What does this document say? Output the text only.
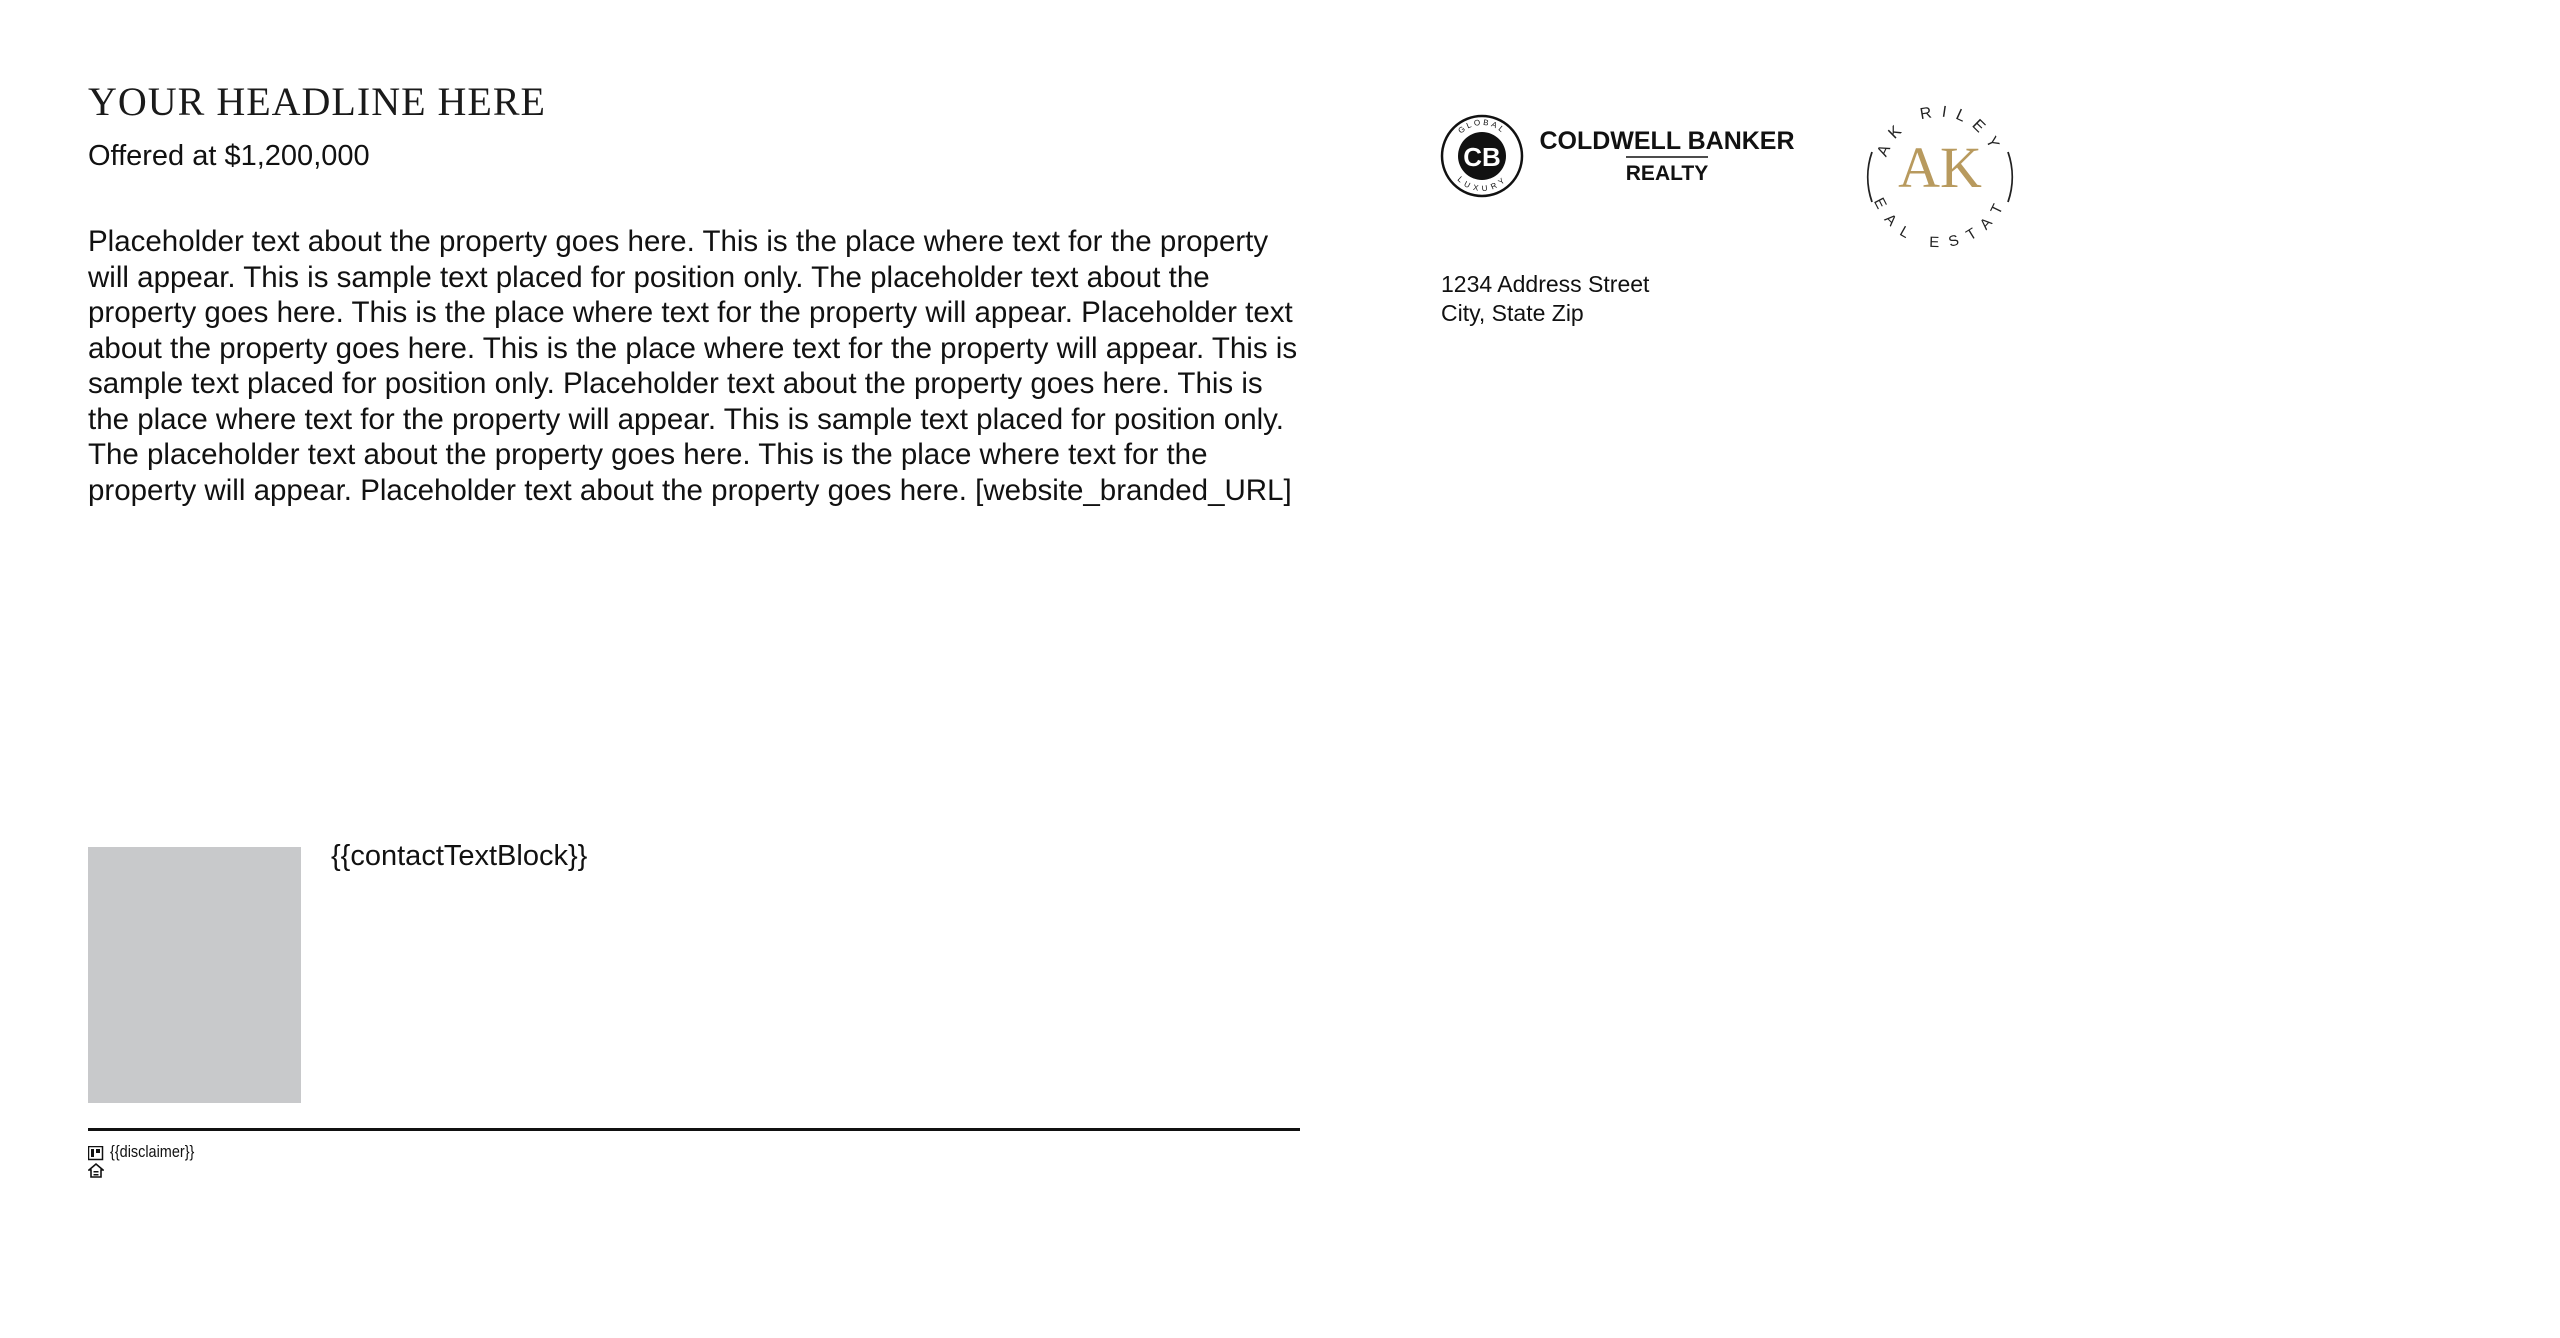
YOUR HEADLINE HERE
Offered at $1,200,000
Placeholder text about the property goes here. This is the place where text for the property will appear. This is sample text placed for position only. The placeholder text about the property goes here. This is the place where text for the property will appear. Placeholder text about the property goes here. This is the place where text for the property will appear. This is sample text placed for position only. Placeholder text about the property goes here. This is the place where text for the property will appear. This is sample text placed for position only. The placeholder text about the property goes here. This is the place where text for the property will appear. Placeholder text about the property goes here. [website_branded_URL]
{{contactTextBlock}}
{{disclaimer}}
GLOBAL
LUXURY
CB
COLDWELL BANKER
REALTY
AK RILEY
EAL ESTAT
AK
1234 Address Street
City, State Zip
